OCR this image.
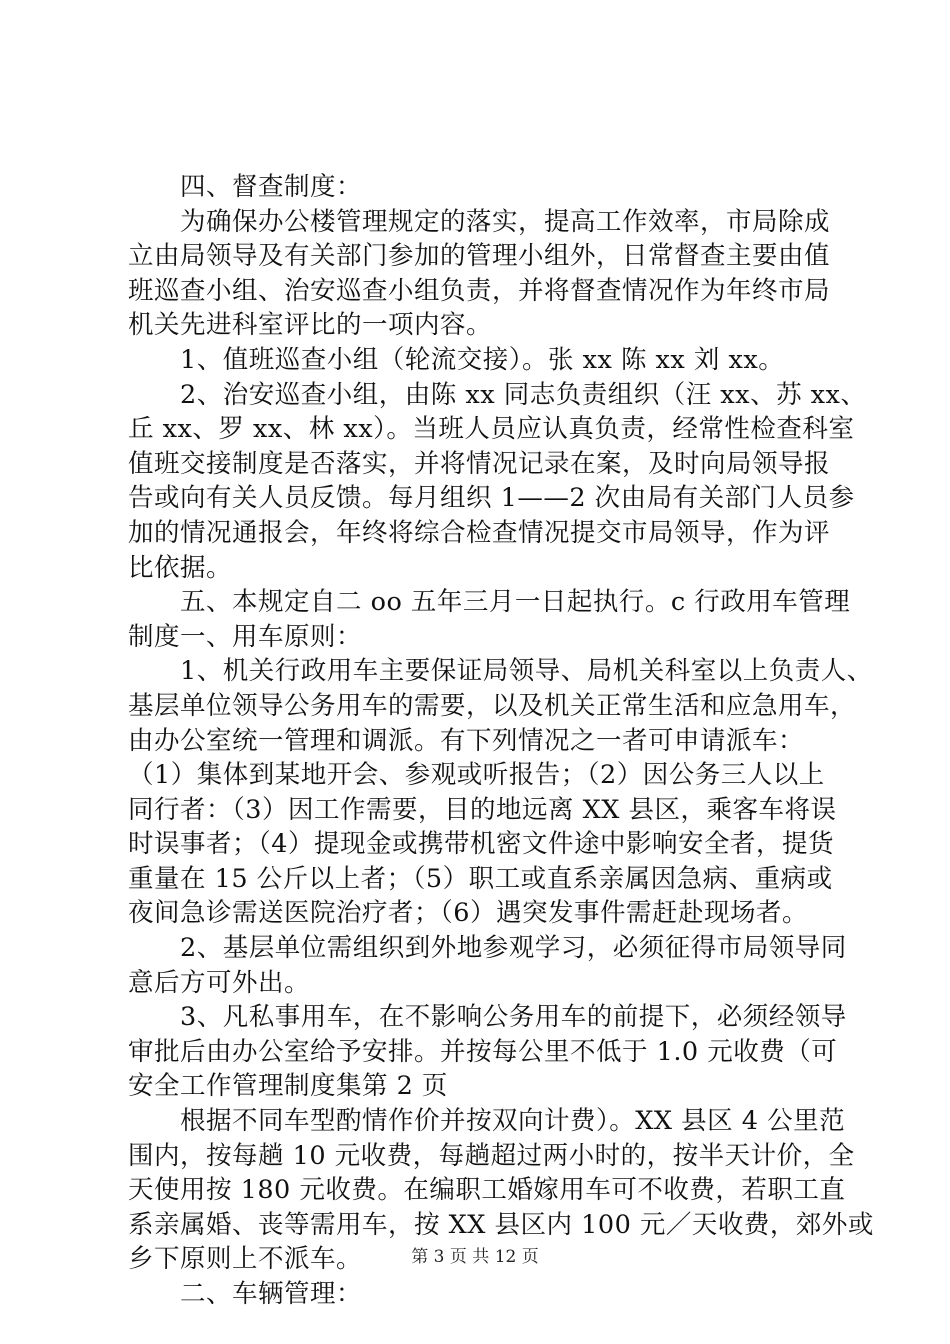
　　四、督查制度：
　　为确保办公楼管理规定的落实，提高工作效率，市局除成
立由局领导及有关部门参加的管理小组外，日常督查主要由值
班巡查小组、治安巡查小组负责，并将督查情况作为年终市局
机关先进科室评比的一项内容。
　　1、值班巡查小组（轮流交接）。张 xx 陈 xx 刘 xx。
　　2、治安巡查小组，由陈 xx 同志负责组织（汪 xx、苏 xx、
丘 xx、罗 xx、林 xx）。当班人员应认真负责，经常性检查科室
值班交接制度是否落实，并将情况记录在案，及时向局领导报
告或向有关人员反馈。每月组织 1——2 次由局有关部门人员参
加的情况通报会，年终将综合检查情况提交市局领导，作为评
比依据。
　　五、本规定自二 oo 五年三月一日起执行。c 行政用车管理
制度一、用车原则：
　　1、机关行政用车主要保证局领导、局机关科室以上负责人、
基层单位领导公务用车的需要，以及机关正常生活和应急用车，
由办公室统一管理和调派。有下列情况之一者可申请派车：
（1）集体到某地开会、参观或听报告；（2）因公务三人以上
同行者：（3）因工作需要，目的地远离 XX 县区，乘客车将误
时误事者；（4）提现金或携带机密文件途中影响安全者，提货
重量在 15 公斤以上者；（5）职工或直系亲属因急病、重病或
夜间急诊需送医院治疗者；（6）遇突发事件需赶赴现场者。
　　2、基层单位需组织到外地参观学习，必须征得市局领导同
意后方可外出。
　　3、凡私事用车，在不影响公务用车的前提下，必须经领导
审批后由办公室给予安排。并按每公里不低于 1.0 元收费（可
安全工作管理制度集第 2 页
　　根据不同车型酌情作价并按双向计费）。XX 县区 4 公里范
围内，按每趟 10 元收费，每趟超过两小时的，按半天计价，全
天使用按 180 元收费。在编职工婚嫁用车可不收费，若职工直
系亲属婚、丧等需用车，按 XX 县区内 100 元／天收费，郊外或
乡下原则上不派车。
　　二、车辆管理：
第 3 页 共 12 页
